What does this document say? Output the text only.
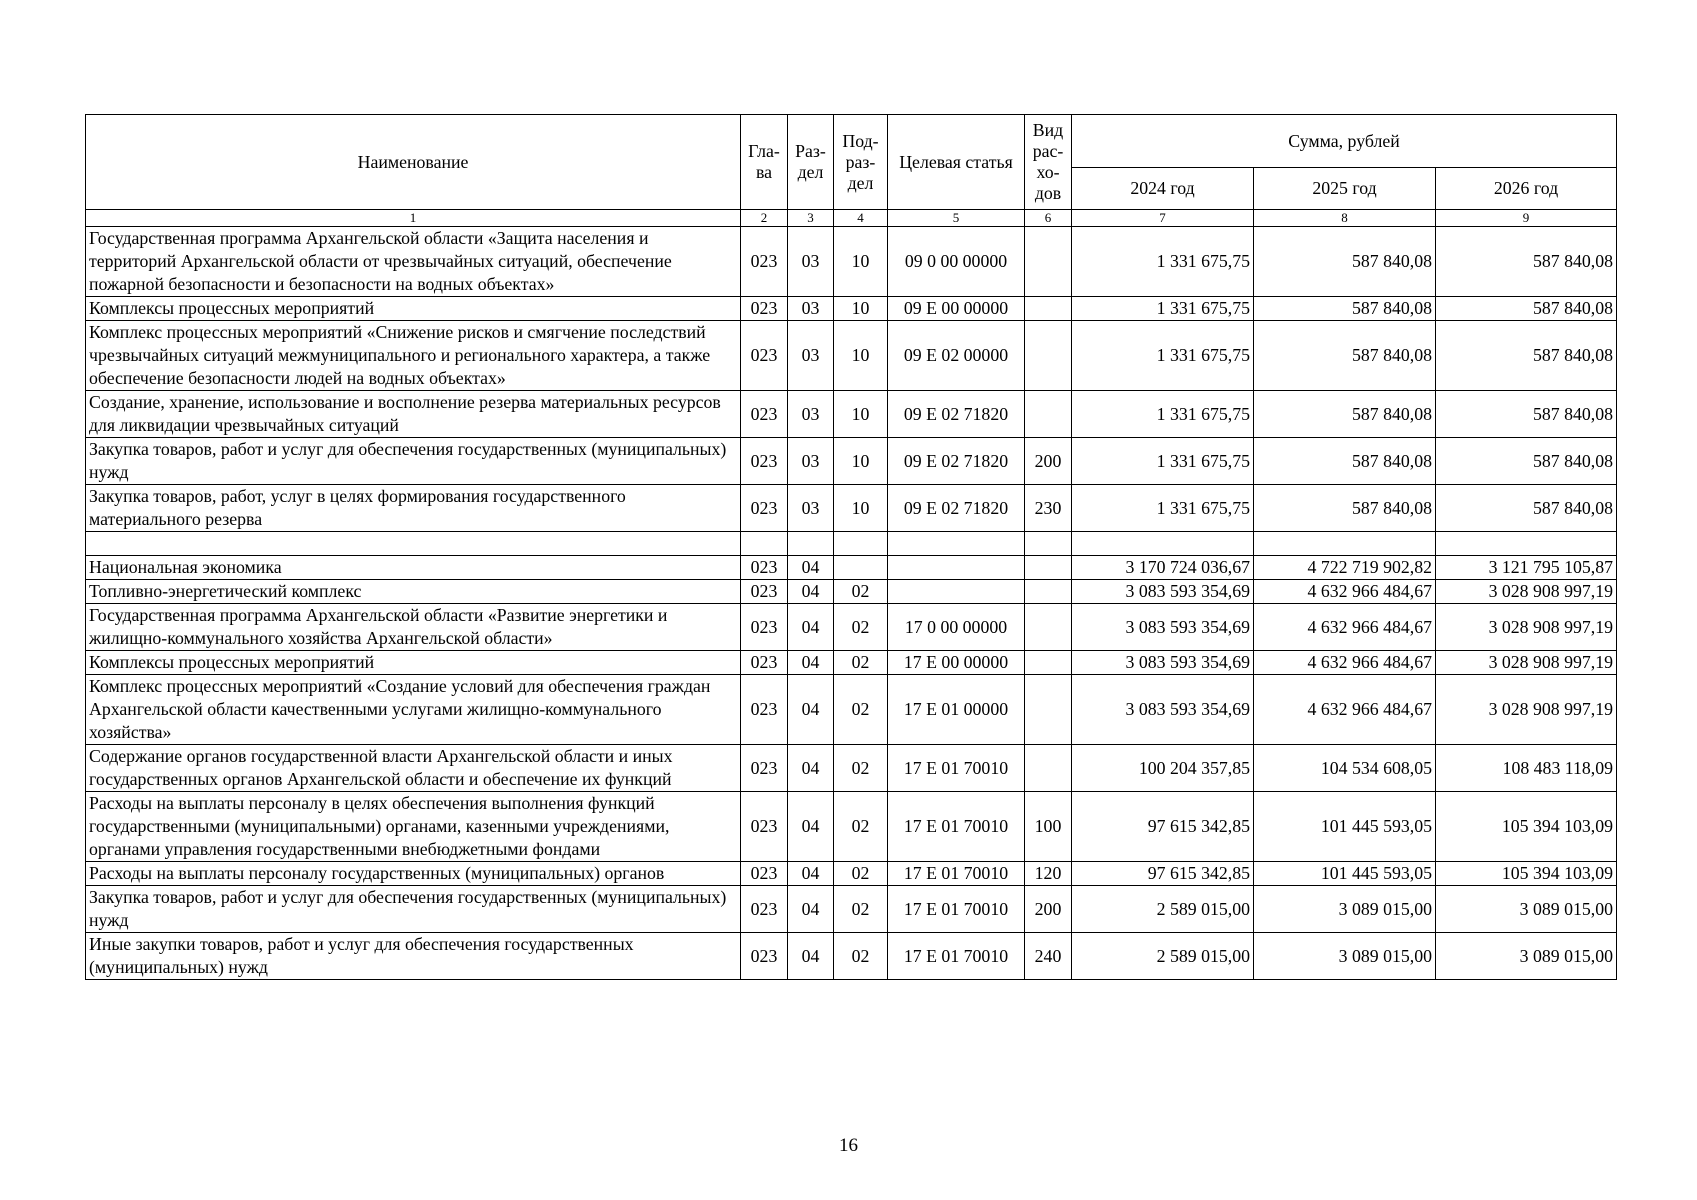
Наименование	Гла-ва	Раз-дел	Под-раз-дел	Целевая статья	Вид рас-хо-дов	Сумма, рублей		
						2024 год	2025 год	2026 год
1	2	3	4	5	6	7	8	9
Государственная программа Архангельской области «Защита населения и территорий Архангельской области от чрезвычайных ситуаций, обеспечение пожарной безопасности и безопасности на водных объектах»	023	03	10	09 0 00 00000		1 331 675,75	587 840,08	587 840,08
Комплексы процессных мероприятий	023	03	10	09 Е 00 00000		1 331 675,75	587 840,08	587 840,08
Комплекс процессных мероприятий «Снижение рисков и смягчение последствий чрезвычайных ситуаций межмуниципального и регионального характера, а также обеспечение безопасности людей на водных объектах»	023	03	10	09 Е 02 00000		1 331 675,75	587 840,08	587 840,08
Создание, хранение, использование и восполнение резерва материальных ресурсов для ликвидации чрезвычайных ситуаций	023	03	10	09 Е 02 71820		1 331 675,75	587 840,08	587 840,08
Закупка товаров, работ и услуг для обеспечения государственных (муниципальных) нужд	023	03	10	09 Е 02 71820	200	1 331 675,75	587 840,08	587 840,08
Закупка товаров, работ, услуг в целях формирования государственного материального резерва	023	03	10	09 Е 02 71820	230	1 331 675,75	587 840,08	587 840,08

Национальная экономика	023	04				3 170 724 036,67	4 722 719 902,82	3 121 795 105,87
Топливно-энергетический комплекс	023	04	02			3 083 593 354,69	4 632 966 484,67	3 028 908 997,19
Государственная программа Архангельской области «Развитие энергетики и жилищно-коммунального хозяйства Архангельской области»	023	04	02	17 0 00 00000		3 083 593 354,69	4 632 966 484,67	3 028 908 997,19
Комплексы процессных мероприятий	023	04	02	17 Е 00 00000		3 083 593 354,69	4 632 966 484,67	3 028 908 997,19
Комплекс процессных мероприятий «Создание условий для обеспечения граждан Архангельской области качественными услугами жилищно-коммунального хозяйства»	023	04	02	17 Е 01 00000		3 083 593 354,69	4 632 966 484,67	3 028 908 997,19
Содержание органов государственной власти Архангельской области и иных государственных органов Архангельской области и обеспечение их функций	023	04	02	17 Е 01 70010		100 204 357,85	104 534 608,05	108 483 118,09
Расходы на выплаты персоналу в целях обеспечения выполнения функций государственными (муниципальными) органами, казенными учреждениями, органами управления государственными внебюджетными фондами	023	04	02	17 Е 01 70010	100	97 615 342,85	101 445 593,05	105 394 103,09
Расходы на выплаты персоналу государственных (муниципальных) органов	023	04	02	17 Е 01 70010	120	97 615 342,85	101 445 593,05	105 394 103,09
Закупка товаров, работ и услуг для обеспечения государственных (муниципальных) нужд	023	04	02	17 Е 01 70010	200	2 589 015,00	3 089 015,00	3 089 015,00
Иные закупки товаров, работ и услуг для обеспечения государственных (муниципальных) нужд	023	04	02	17 Е 01 70010	240	2 589 015,00	3 089 015,00	3 089 015,00
16
